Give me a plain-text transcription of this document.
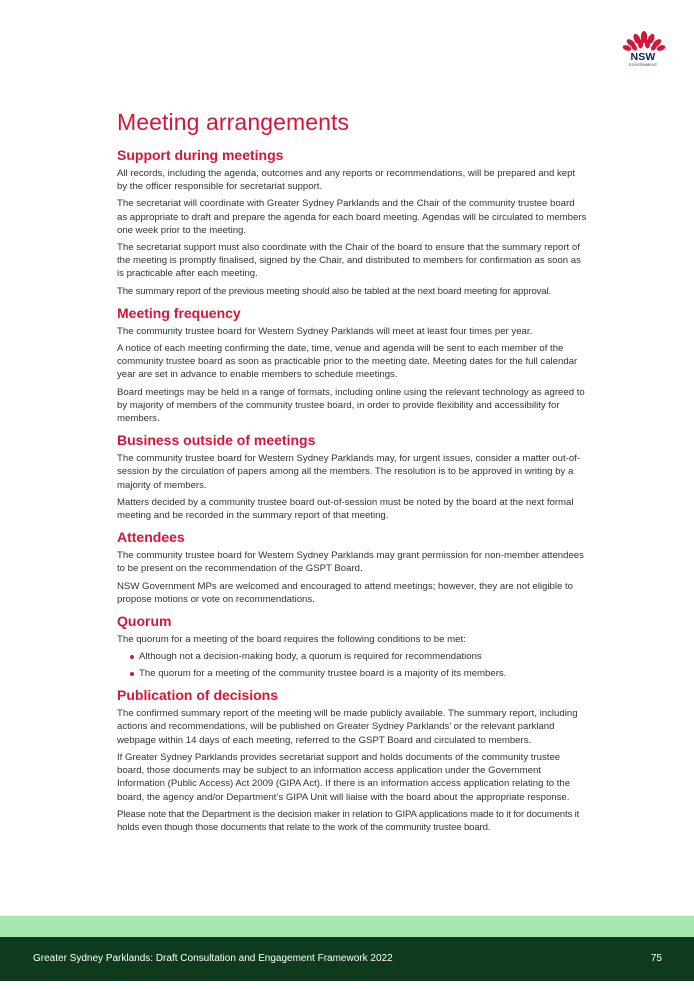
NSW
GOVERNMENT
Meeting arrangements
Support during meetings

All records, including the agenda, outcomes and any reports or recommendations, will be prepared and kept by the officer responsible for secretariat support.

The secretariat will coordinate with Greater Sydney Parklands and the Chair of the community trustee board as appropriate to draft and prepare the agenda for each board meeting. Agendas will be circulated to members one week prior to the meeting.

The secretariat support must also coordinate with the Chair of the board to ensure that the summary report of the meeting is promptly finalised, signed by the Chair, and distributed to members for confirmation as soon as is practicable after each meeting.

The summary report of the previous meeting should also be tabled at the next board meeting for approval.

Meeting frequency

The community trustee board for Western Sydney Parklands will meet at least four times per year.

A notice of each meeting confirming the date, time, venue and agenda will be sent to each member of the community trustee board as soon as practicable prior to the meeting date. Meeting dates for the full calendar year are set in advance to enable members to schedule meetings.

Board meetings may be held in a range of formats, including online using the relevant technology as agreed to by majority of members of the community trustee board, in order to provide flexibility and accessibility for members.

Business outside of meetings

The community trustee board for Western Sydney Parklands may, for urgent issues, consider a matter out-of-session by the circulation of papers among all the members. The resolution is to be approved in writing by a majority of members.

Matters decided by a community trustee board out-of-session must be noted by the board at the next formal meeting and be recorded in the summary report of that meeting.

Attendees

The community trustee board for Western Sydney Parklands may grant permission for non-member attendees to be present on the recommendation of the GSPT Board.

NSW Government MPs are welcomed and encouraged to attend meetings; however, they are not eligible to propose motions or vote on recommendations.

Quorum

The quorum for a meeting of the board requires the following conditions to be met:

Although not a decision-making body, a quorum is required for recommendations
The quorum for a meeting of the community trustee board is a majority of its members.
Publication of decisions

The confirmed summary report of the meeting will be made publicly available. The summary report, including actions and recommendations, will be published on Greater Sydney Parklands’ or the relevant parkland webpage within 14 days of each meeting, referred to the GSPT Board and circulated to members.

If Greater Sydney Parklands provides secretariat support and holds documents of the community trustee board, those documents may be subject to an information access application under the Government Information (Public Access) Act 2009 (GIPA Act). If there is an information access application relating to the board, the agency and/or Department’s GIPA Unit will liaise with the board about the appropriate response.

Please note that the Department is the decision maker in relation to GIPA applications made to it for documents it holds even though those documents that relate to the work of the community trustee board.

Greater Sydney Parklands: Draft Consultation and Engagement Framework 2022	75
